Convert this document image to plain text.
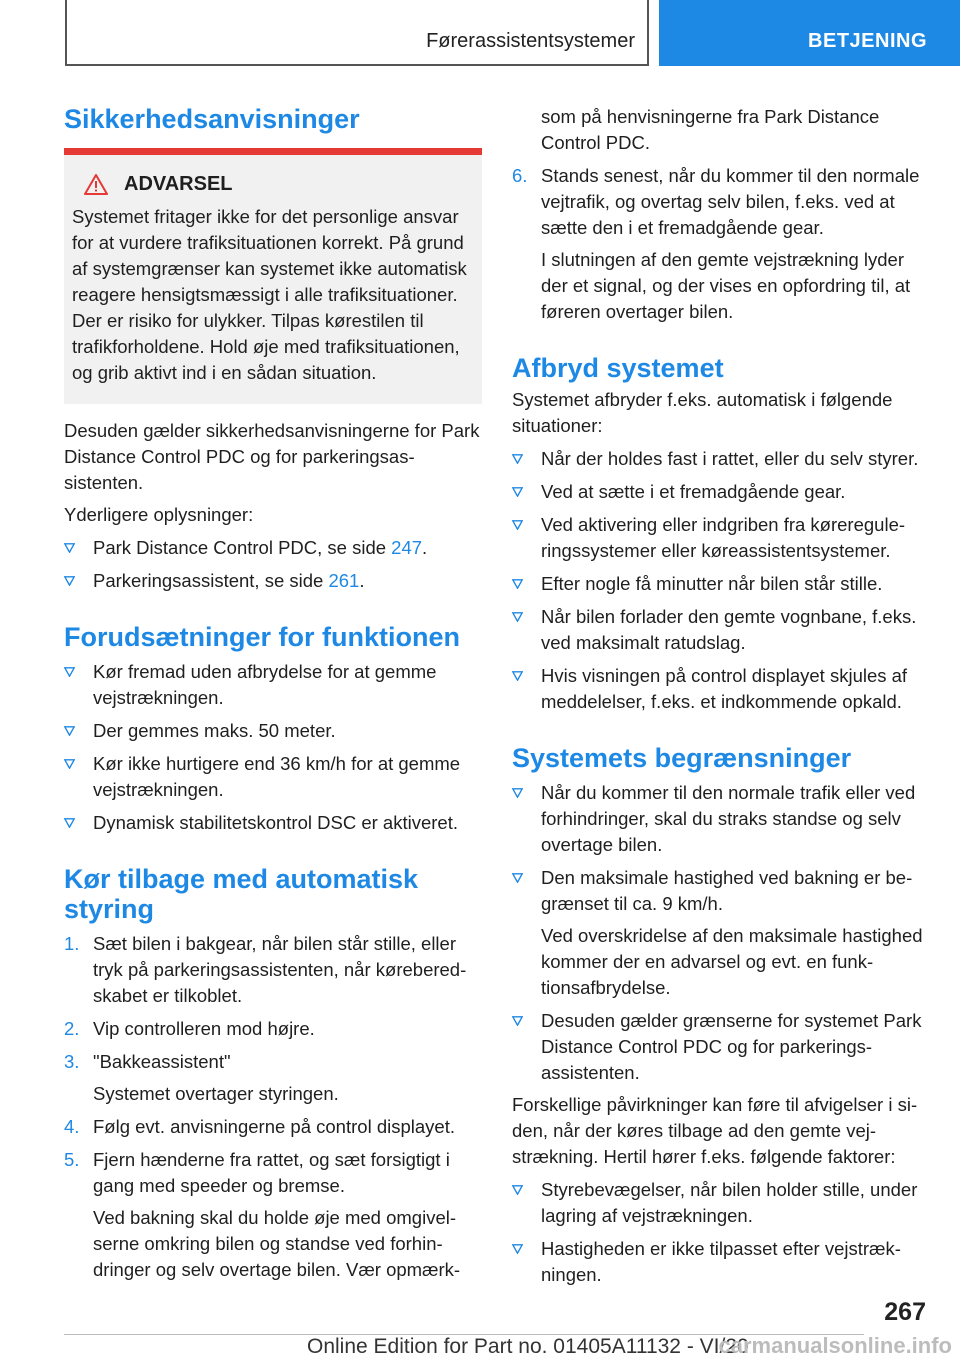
Førerassistentsystemer	BETJENING
Sikkerhedsanvisninger
ADVARSEL
Systemet fritager ikke for det personlige ansvar for at vurdere trafiksituationen korrekt. På grund af systemgrænser kan systemet ikke automatisk reagere hensigtsmæssigt i alle trafiksituationer. Der er risiko for ulykker. Tilpas kørestilen til trafikforholdene. Hold øje med trafiksituationen, og grib aktivt ind i en sådan situation.

Desuden gælder sikkerhedsanvisningerne for Park Distance Control PDC og for parkeringsassistenten.

Yderligere oplysninger:

Park Distance Control PDC, se side 247.
Parkeringsassistent, se side 261.
Forudsætninger for funktionen
Kør fremad uden afbrydelse for at gemme vejstrækningen.
Der gemmes maks. 50 meter.
Kør ikke hurtigere end 36 km/h for at gemme vejstrækningen.
Dynamisk stabilitetskontrol DSC er aktiveret.
Kør tilbage med automatisk styring
1. Sæt bilen i bakgear, når bilen står stille, eller tryk på parkeringsassistenten, når køreberedskabet er tilkoblet.
2. Vip controlleren mod højre.
3. "Bakkeassistent"

Systemet overtager styringen.

4. Følg evt. anvisningerne på control displayet.
5. Fjern hænderne fra rattet, og sæt forsigtigt i gang med speeder og bremse.

Ved bakning skal du holde øje med omgivelserne omkring bilen og standse ved forhindringer og selv overtage bilen. Vær opmærk-

som på henvisningerne fra Park Distance Control PDC.
6. Stands senest, når du kommer til den normale vejtrafik, og overtag selv bilen, f.eks. ved at sætte den i et fremadgående gear.

I slutningen af den gemte vejstrækning lyder der et signal, og der vises en opfordring til, at føreren overtager bilen.

Afbryd systemet

Systemet afbryder f.eks. automatisk i følgende situationer:

Når der holdes fast i rattet, eller du selv styrer.
Ved at sætte i et fremadgående gear.
Ved aktivering eller indgriben fra kørereguleringssystemer eller køreassistentsystemer.
Efter nogle få minutter når bilen står stille.
Når bilen forlader den gemte vognbane, f.eks. ved maksimalt ratudslag.
Hvis visningen på control displayet skjules af meddelelser, f.eks. et indkommende opkald.
Systemets begrænsninger
Når du kommer til den normale trafik eller ved forhindringer, skal du straks standse og selv overtage bilen.
Den maksimale hastighed ved bakning er begrænset til ca. 9 km/h.

Ved overskridelse af den maksimale hastighed kommer der en advarsel og evt. en funktionsafbrydelse.

Desuden gælder grænserne for systemet Park Distance Control PDC og for parkeringsassistenten.

Forskellige påvirkninger kan føre til afvigelser i siden, når der køres tilbage ad den gemte vejstrækning. Hertil hører f.eks. følgende faktorer:

Styrebevægelser, når bilen holder stille, under lagring af vejstrækningen.
Hastigheden er ikke tilpasset efter vejstrækningen.
267
Online Edition for Part no. 01405A11132 - VI/20
carmanualsonline.info
